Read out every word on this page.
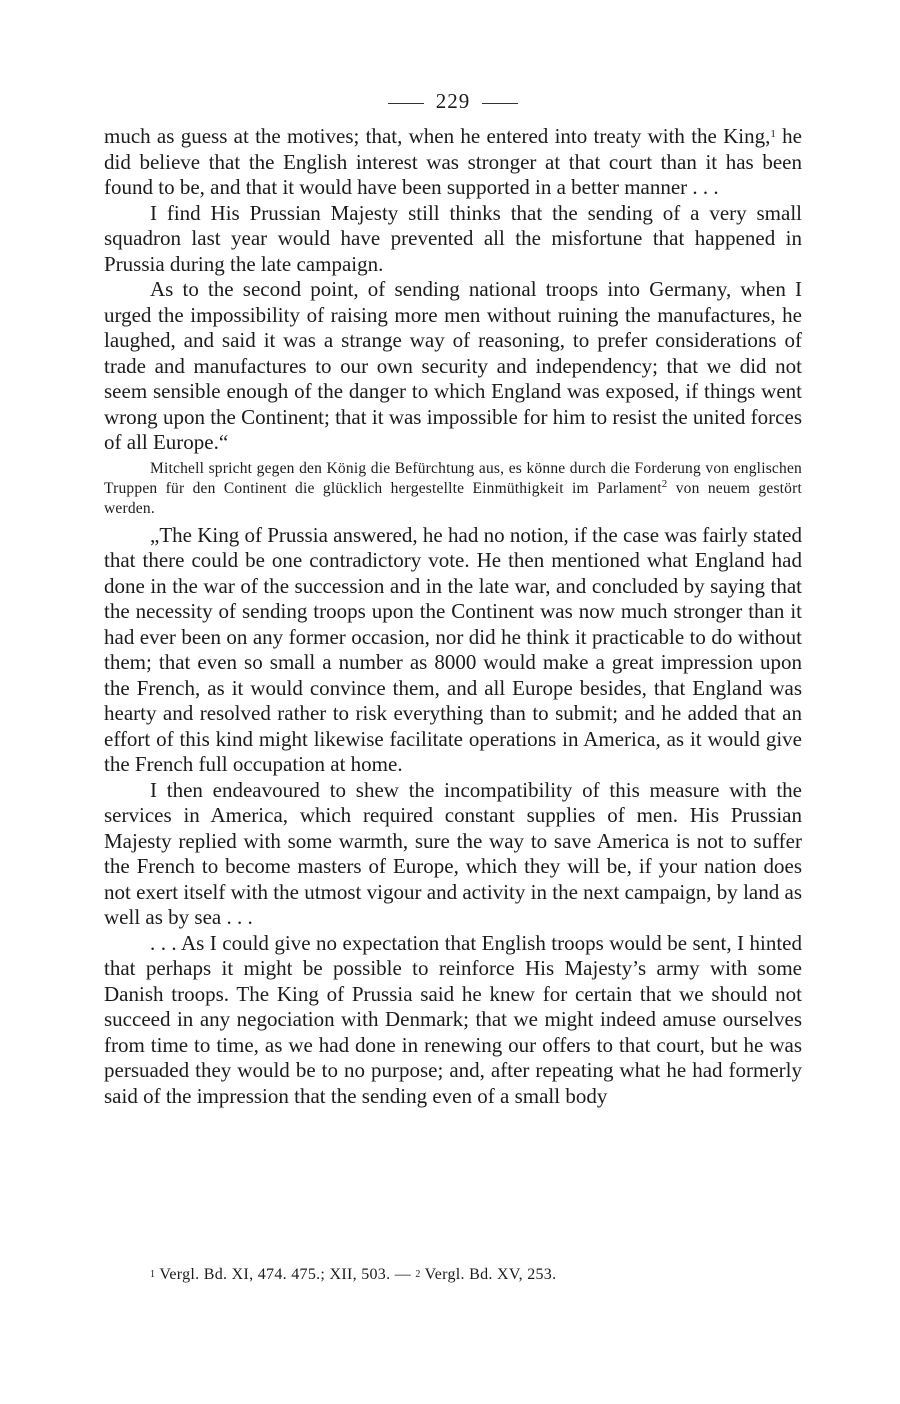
229

much as guess at the motives; that, when he entered into treaty with the King,$^1$ he did believe that the English interest was stronger at that court than it has been found to be, and that it would have been supported in a better manner . . .

I find His Prussian Majesty still thinks that the sending of a very small squadron last year would have prevented all the misfortune that happened in Prussia during the late campaign.

As to the second point, of sending national troops into Germany, when I urged the impossibility of raising more men without ruining the manufactures, he laughed, and said it was a strange way of reasoning, to prefer considerations of trade and manufactures to our own security and independency; that we did not seem sensible enough of the danger to which England was exposed, if things went wrong upon the Continent; that it was impossible for him to resist the united forces of all Europe.“

Mitchell spricht gegen den König die Befürchtung aus, es könne durch die Forderung von englischen Truppen für den Continent die glücklich hergestellte Einmüthigkeit im Parlament$^2$ von neuem gestört werden.

„The King of Prussia answered, he had no notion, if the case was fairly stated that there could be one contradictory vote. He then mentioned what England had done in the war of the succession and in the late war, and concluded by saying that the necessity of sending troops upon the Continent was now much stronger than it had ever been on any former occasion, nor did he think it practicable to do without them; that even so small a number as 8000 would make a great impression upon the French, as it would convince them, and all Europe besides, that England was hearty and resolved rather to risk everything than to submit; and he added that an effort of this kind might likewise facilitate operations in America, as it would give the French full occupation at home.

I then endeavoured to shew the incompatibility of this measure with the services in America, which required constant supplies of men. His Prussian Majesty replied with some warmth, sure the way to save America is not to suffer the French to become masters of Europe, which they will be, if your nation does not exert itself with the utmost vigour and activity in the next campaign, by land as well as by sea . . .

. . . As I could give no expectation that English troops would be sent, I hinted that perhaps it might be possible to reinforce His Majesty’s army with some Danish troops. The King of Prussia said he knew for certain that we should not succeed in any negociation with Denmark; that we might indeed amuse ourselves from time to time, as we had done in renewing our offers to that court, but he was persuaded they would be to no purpose; and, after repeating what he had formerly said of the impression that the sending even of a small body

1 Vergl. Bd. XI, 474. 475.; XII, 503. — 2 Vergl. Bd. XV, 253.
